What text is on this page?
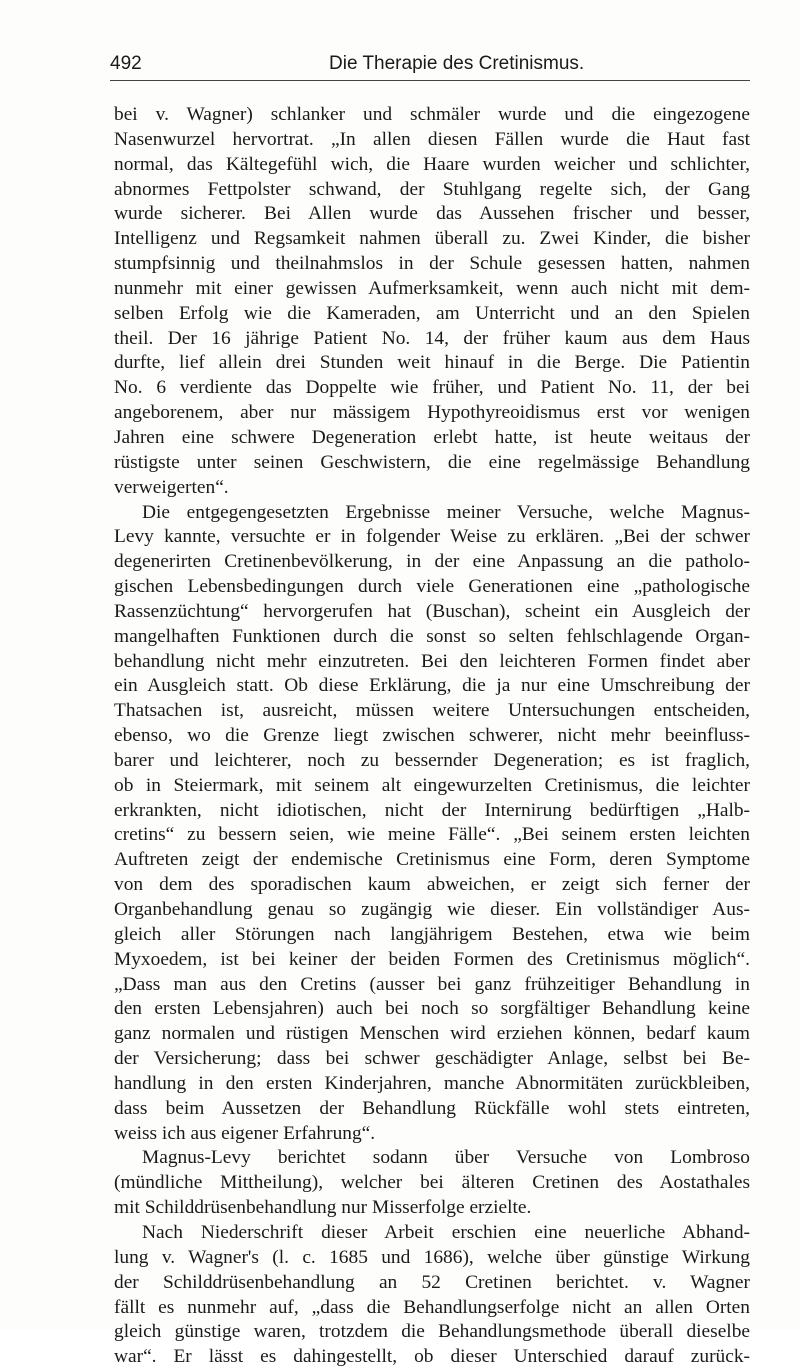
492	Die Therapie des Cretinismus.
bei v. Wagner) schlanker und schmäler wurde und die eingezogene
Nasenwurzel hervortrat. „In allen diesen Fällen wurde die Haut fast
normal, das Kältegefühl wich, die Haare wurden weicher und schlichter,
abnormes Fettpolster schwand, der Stuhlgang regelte sich, der Gang
wurde sicherer. Bei Allen wurde das Aussehen frischer und besser,
Intelligenz und Regsamkeit nahmen überall zu. Zwei Kinder, die bisher
stumpfsinnig und theilnahmslos in der Schule gesessen hatten, nahmen
nunmehr mit einer gewissen Aufmerksamkeit, wenn auch nicht mit dem-
selben Erfolg wie die Kameraden, am Unterricht und an den Spielen
theil. Der 16 jährige Patient No. 14, der früher kaum aus dem Haus
durfte, lief allein drei Stunden weit hinauf in die Berge. Die Patientin
No. 6 verdiente das Doppelte wie früher, und Patient No. 11, der bei
angeborenem, aber nur mässigem Hypothyreoidismus erst vor wenigen
Jahren eine schwere Degeneration erlebt hatte, ist heute weitaus der
rüstigste unter seinen Geschwistern, die eine regelmässige Behandlung
verweigerten“.
Die entgegengesetzten Ergebnisse meiner Versuche, welche Magnus-
Levy kannte, versuchte er in folgender Weise zu erklären. „Bei der schwer
degenerirten Cretinenbevölkerung, in der eine Anpassung an die patholo-
gischen Lebensbedingungen durch viele Generationen eine „pathologische
Rassenzüchtung“ hervorgerufen hat (Buschan), scheint ein Ausgleich der
mangelhaften Funktionen durch die sonst so selten fehlschlagende Organ-
behandlung nicht mehr einzutreten. Bei den leichteren Formen findet aber
ein Ausgleich statt. Ob diese Erklärung, die ja nur eine Umschreibung der
Thatsachen ist, ausreicht, müssen weitere Untersuchungen entscheiden,
ebenso, wo die Grenze liegt zwischen schwerer, nicht mehr beeinfluss-
barer und leichterer, noch zu bessernder Degeneration; es ist fraglich,
ob in Steiermark, mit seinem alt eingewurzelten Cretinismus, die leichter
erkrankten, nicht idiotischen, nicht der Internirung bedürftigen „Halb-
cretins“ zu bessern seien, wie meine Fälle“. „Bei seinem ersten leichten
Auftreten zeigt der endemische Cretinismus eine Form, deren Symptome
von dem des sporadischen kaum abweichen, er zeigt sich ferner der
Organbehandlung genau so zugängig wie dieser. Ein vollständiger Aus-
gleich aller Störungen nach langjährigem Bestehen, etwa wie beim
Myxoedem, ist bei keiner der beiden Formen des Cretinismus möglich“.
„Dass man aus den Cretins (ausser bei ganz frühzeitiger Behandlung in
den ersten Lebensjahren) auch bei noch so sorgfältiger Behandlung keine
ganz normalen und rüstigen Menschen wird erziehen können, bedarf kaum
der Versicherung; dass bei schwer geschädigter Anlage, selbst bei Be-
handlung in den ersten Kinderjahren, manche Abnormitäten zurückbleiben,
dass beim Aussetzen der Behandlung Rückfälle wohl stets eintreten,
weiss ich aus eigener Erfahrung“.
Magnus-Levy berichtet sodann über Versuche von Lombroso
(mündliche Mittheilung), welcher bei älteren Cretinen des Aostathales
mit Schilddrüsenbehandlung nur Misserfolge erzielte.
Nach Niederschrift dieser Arbeit erschien eine neuerliche Abhand-
lung v. Wagner's (l. c. 1685 und 1686), welche über günstige Wirkung
der Schilddrüsenbehandlung an 52 Cretinen berichtet. v. Wagner
fällt es nunmehr auf, „dass die Behandlungserfolge nicht an allen Orten
gleich günstige waren, trotzdem die Behandlungsmethode überall dieselbe
war“. Er lässt es dahingestellt, ob dieser Unterschied darauf zurück-
